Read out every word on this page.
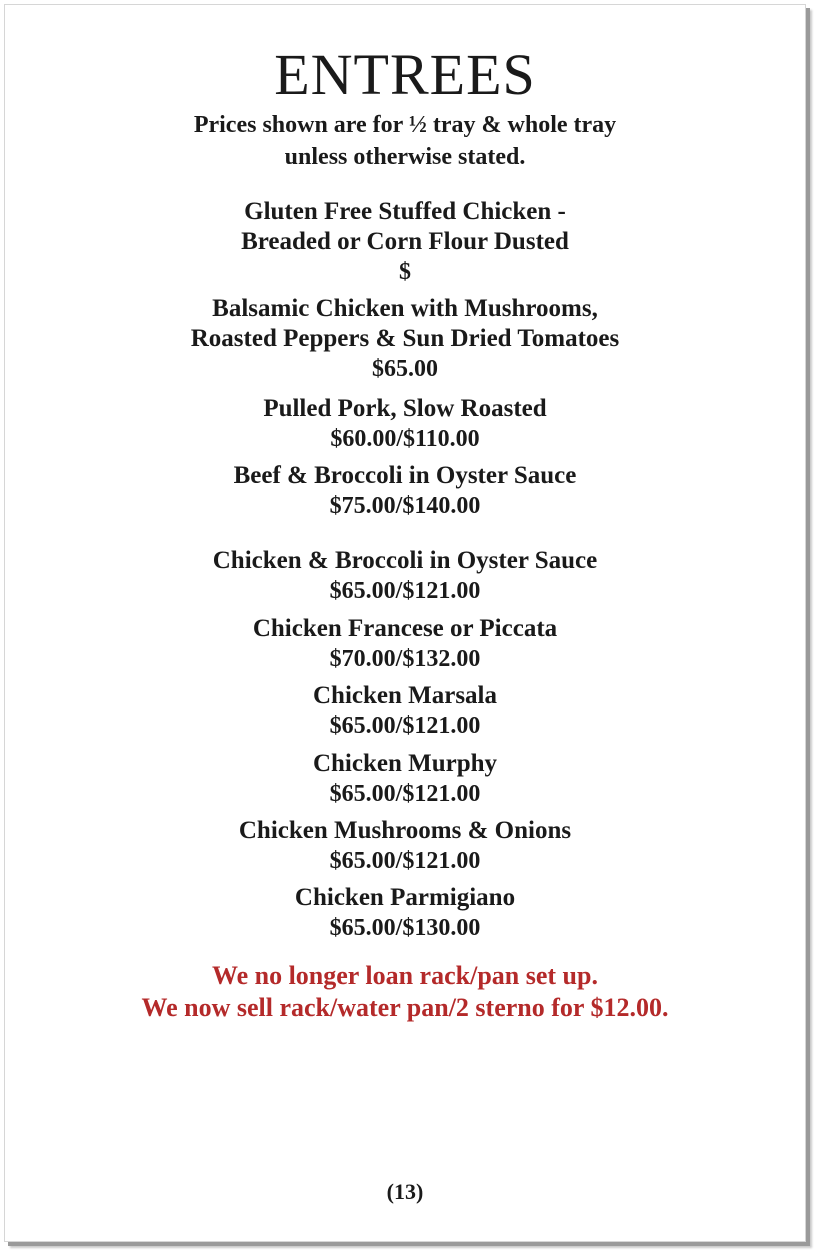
ENTREES
Prices shown are for ½ tray & whole tray
unless otherwise stated.
Gluten Free Stuffed Chicken -
Breaded or Corn Flour Dusted
$
Balsamic Chicken with Mushrooms,
Roasted Peppers & Sun Dried Tomatoes
$65.00
Pulled Pork, Slow Roasted
$60.00/$110.00
Beef & Broccoli in Oyster Sauce
$75.00/$140.00
Chicken & Broccoli in Oyster Sauce
$65.00/$121.00
Chicken Francese or Piccata
$70.00/$132.00
Chicken Marsala
$65.00/$121.00
Chicken Murphy
$65.00/$121.00
Chicken Mushrooms & Onions
$65.00/$121.00
Chicken Parmigiano
$65.00/$130.00
We no longer loan rack/pan set up.
We now sell rack/water pan/2 sterno for $12.00.
(13)
